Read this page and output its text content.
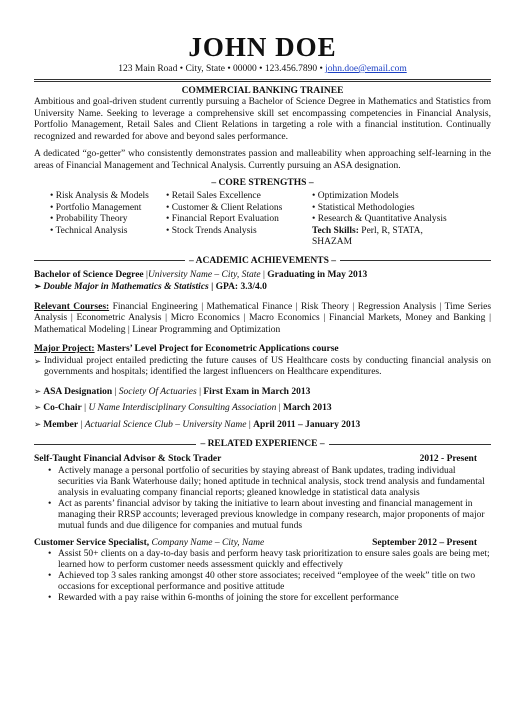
JOHN DOE
123 Main Road • City, State • 00000 • 123.456.7890 • john.doe@email.com
COMMERCIAL BANKING TRAINEE

Ambitious and goal-driven student currently pursuing a Bachelor of Science Degree in Mathematics and Statistics from University Name. Seeking to leverage a comprehensive skill set encompassing competencies in Financial Analysis, Portfolio Management, Retail Sales and Client Relations in targeting a role with a financial institution. Continually recognized and rewarded for above and beyond sales performance.

A dedicated “go-getter” who consistently demonstrates passion and malleability when approaching self-learning in the areas of Financial Management and Technical Analysis. Currently pursuing an ASA designation.

– CORE STRENGTHS –
• Risk Analysis & Models
• Portfolio Management
• Probability Theory
• Technical Analysis
• Retail Sales Excellence
• Customer & Client Relations
• Financial Report Evaluation
• Stock Trends Analysis
• Optimization Models
• Statistical Methodologies
• Research & Quantitative Analysis
Tech Skills: Perl, R, STATA, SHAZAM
– ACADEMIC ACHIEVEMENTS –
Bachelor of Science Degree |University Name – City, State | Graduating in May 2013
➢ Double Major in Mathematics & Statistics | GPA: 3.3/4.0

Relevant Courses: Financial Engineering | Mathematical Finance | Risk Theory | Regression Analysis | Time Series Analysis | Econometric Analysis | Micro Economics | Macro Economics | Financial Markets, Money and Banking | Mathematical Modeling | Linear Programming and Optimization

Major Project: Masters’ Level Project for Econometric Applications course
➢ Individual project entailed predicting the future causes of US Healthcare costs by conducting financial analysis on governments and hospitals; identified the largest influencers on Healthcare expenditures.
➢ ASA Designation | Society Of Actuaries | First Exam in March 2013
➢ Co-Chair | U Name Interdisciplinary Consulting Association | March 2013
➢ Member | Actuarial Science Club – University Name | April 2011 – January 2013
– RELATED EXPERIENCE –
Self-Taught Financial Advisor & Stock Trader	2012 - Present
• Actively manage a personal portfolio of securities by staying abreast of Bank updates, trading individual securities via Bank Waterhouse daily; honed aptitude in technical analysis, stock trend analysis and fundamental analysis in evaluating company financial reports; gleaned knowledge in statistical data analysis
• Act as parents’ financial advisor by taking the initiative to learn about investing and financial management in managing their RRSP accounts; leveraged previous knowledge in company research, major proponents of major mutual funds and due diligence for companies and mutual funds
Customer Service Specialist, Company Name – City, Name	September 2012 – Present
• Assist 50+ clients on a day-to-day basis and perform heavy task prioritization to ensure sales goals are being met; learned how to perform customer needs assessment quickly and effectively
• Achieved top 3 sales ranking amongst 40 other store associates; received “employee of the week” title on two occasions for exceptional performance and positive attitude
• Rewarded with a pay raise within 6-months of joining the store for excellent performance
